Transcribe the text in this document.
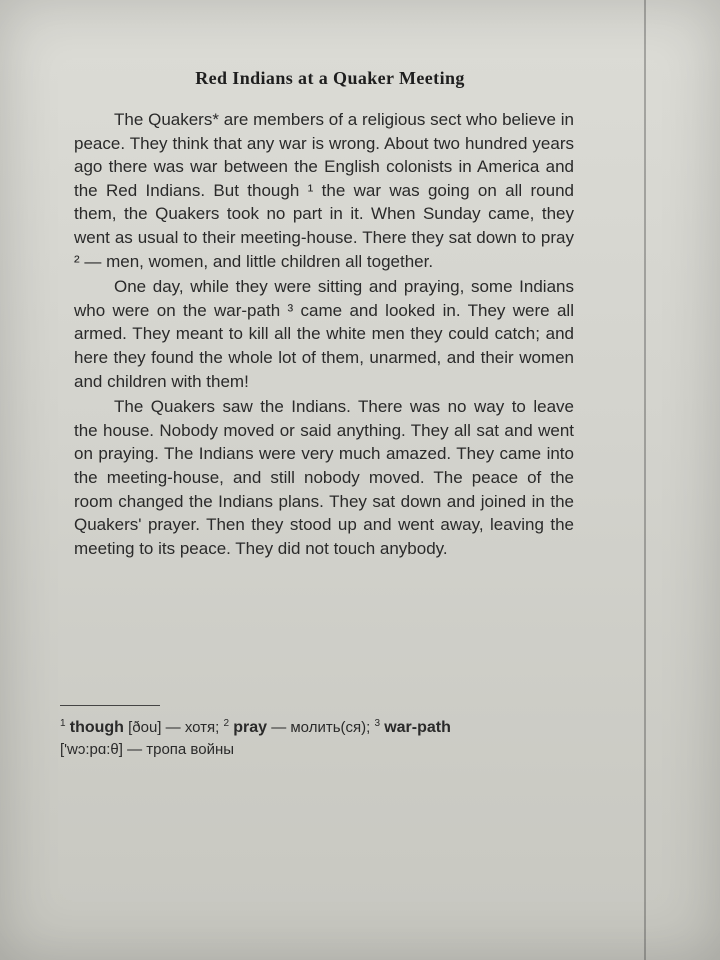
Red Indians at a Quaker Meeting

The Quakers* are members of a religious sect who believe in peace. They think that any war is wrong. About two hundred years ago there was war between the English colonists in America and the Red Indians. But though ¹ the war was going on all round them, the Quakers took no part in it. When Sunday came, they went as usual to their meeting-house. There they sat down to pray ² — men, women, and little children all together.

One day, while they were sitting and praying, some Indians who were on the war-path ³ came and looked in. They were all armed. They meant to kill all the white men they could catch; and here they found the whole lot of them, unarmed, and their women and children with them!

The Quakers saw the Indians. There was no way to leave the house. Nobody moved or said anything. They all sat and went on praying. The Indians were very much amazed. They came into the meeting-house, and still nobody moved. The peace of the room changed the Indians plans. They sat down and joined in the Quakers' prayer. Then they stood up and went away, leaving the meeting to its peace. They did not touch anybody.

$^1$ though [ðou] — хотя; $^2$ pray — молить(ся); $^3$ war-path
['wɔ:pɑ:θ] — тропа войны
